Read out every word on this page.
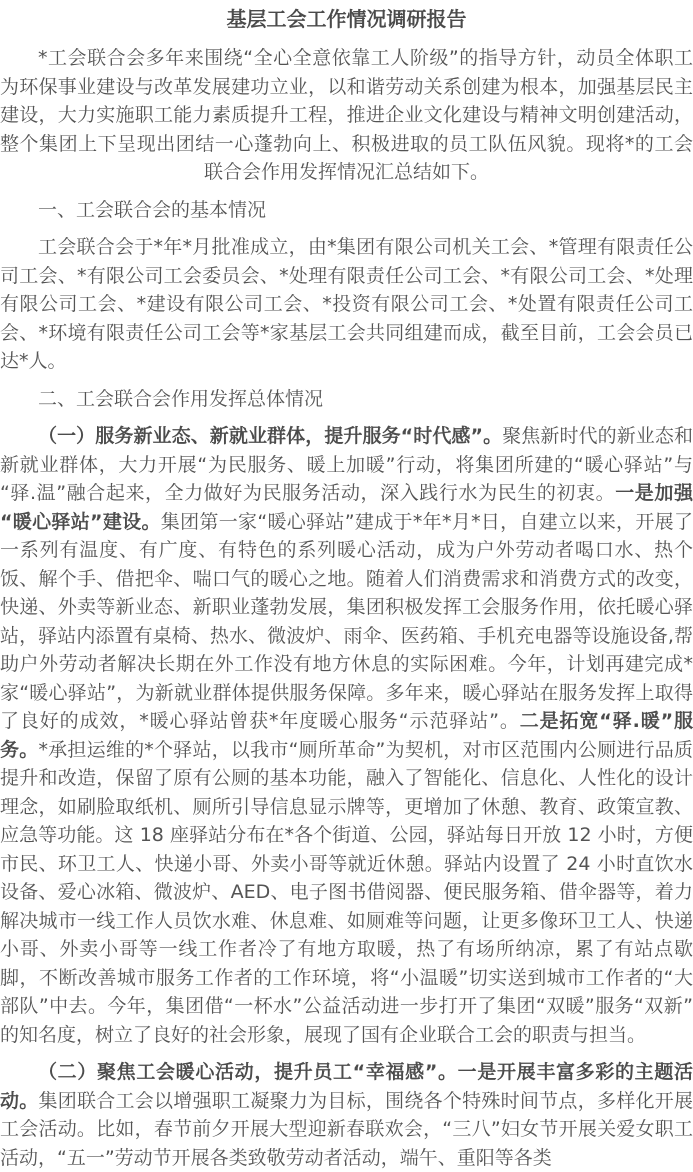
基层工会工作情况调研报告

*工会联合会多年来围绕“全心全意依靠工人阶级”的指导方针，动员全体职工为环保事业建设与改革发展建功立业，以和谐劳动关系创建为根本，加强基层民主建设，大力实施职工能力素质提升工程，推进企业文化建设与精神文明创建活动，整个集团上下呈现出团结一心蓬勃向上、积极进取的员工队伍风貌。现将*的工会联合会作用发挥情况汇总结如下。

一、工会联合会的基本情况

工会联合会于*年*月批准成立，由*集团有限公司机关工会、*管理有限责任公司工会、*有限公司工会委员会、*处理有限责任公司工会、*有限公司工会、*处理有限公司工会、*建设有限公司工会、*投资有限公司工会、*处置有限责任公司工会、*环境有限责任公司工会等*家基层工会共同组建而成，截至目前，工会会员已达*人。

二、工会联合会作用发挥总体情况

（一）服务新业态、新就业群体，提升服务“时代感”。聚焦新时代的新业态和新就业群体，大力开展“为民服务、暖上加暖”行动，将集团所建的“暖心驿站”与“驿.温”融合起来，全力做好为民服务活动，深入践行水为民生的初衷。一是加强“暖心驿站”建设。集团第一家“暖心驿站”建成于*年*月*日，自建立以来，开展了一系列有温度、有广度、有特色的系列暖心活动，成为户外劳动者喝口水、热个饭、解个手、借把伞、喘口气的暖心之地。随着人们消费需求和消费方式的改变，快递、外卖等新业态、新职业蓬勃发展，集团积极发挥工会服务作用，依托暖心驿站，驿站内添置有桌椅、热水、微波炉、雨伞、医药箱、手机充电器等设施设备,帮助户外劳动者解决长期在外工作没有地方休息的实际困难。今年，计划再建完成*家“暖心驿站”，为新就业群体提供服务保障。多年来，暖心驿站在服务发挥上取得了良好的成效，*暖心驿站曾获*年度暖心服务“示范驿站”。二是拓宽“驿.暖”服务。*承担运维的*个驿站，以我市“厕所革命”为契机，对市区范围内公厕进行品质提升和改造，保留了原有公厕的基本功能，融入了智能化、信息化、人性化的设计理念，如刷脸取纸机、厕所引导信息显示牌等，更增加了休憩、教育、政策宣教、应急等功能。这 18 座驿站分布在*各个街道、公园，驿站每日开放 12 小时，方便市民、环卫工人、快递小哥、外卖小哥等就近休憩。驿站内设置了 24 小时直饮水设备、爱心冰箱、微波炉、AED、电子图书借阅器、便民服务箱、借伞器等，着力解决城市一线工作人员饮水难、休息难、如厕难等问题，让更多像环卫工人、快递小哥、外卖小哥等一线工作者冷了有地方取暖，热了有场所纳凉，累了有站点歇脚，不断改善城市服务工作者的工作环境，将“小温暖”切实送到城市工作者的“大部队”中去。今年，集团借“一杯水”公益活动进一步打开了集团“双暖”服务“双新”的知名度，树立了良好的社会形象，展现了国有企业联合工会的职责与担当。

（二）聚焦工会暖心活动，提升员工“幸福感”。一是开展丰富多彩的主题活动。集团联合工会以增强职工凝聚力为目标，围绕各个特殊时间节点，多样化开展工会活动。比如，春节前夕开展大型迎新春联欢会，“三八”妇女节开展关爱女职工活动，“五一”劳动节开展各类致敬劳动者活动，端午、重阳等各类
